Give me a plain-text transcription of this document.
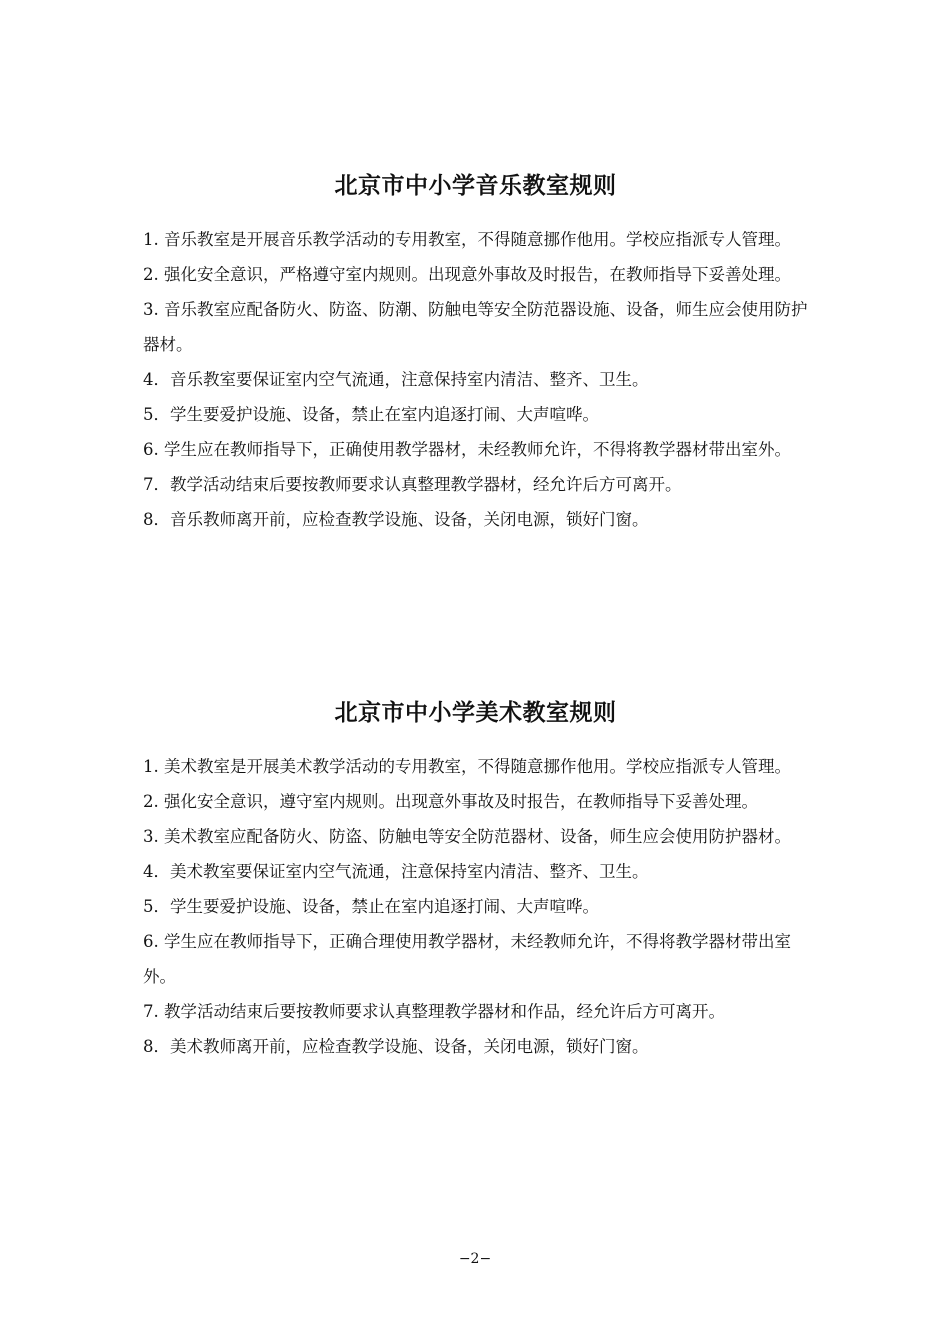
北京市中小学音乐教室规则
1. 音乐教室是开展音乐教学活动的专用教室，不得随意挪作他用。学校应指派专人管理。
2. 强化安全意识，严格遵守室内规则。出现意外事故及时报告，在教师指导下妥善处理。
3. 音乐教室应配备防火、防盗、防潮、防触电等安全防范器设施、设备，师生应会使用防护器材。
4．音乐教室要保证室内空气流通，注意保持室内清洁、整齐、卫生。
5．学生要爱护设施、设备，禁止在室内追逐打闹、大声喧哗。
6. 学生应在教师指导下，正确使用教学器材，未经教师允许，不得将教学器材带出室外。
7．教学活动结束后要按教师要求认真整理教学器材，经允许后方可离开。
8．音乐教师离开前，应检查教学设施、设备，关闭电源，锁好门窗。
北京市中小学美术教室规则
1. 美术教室是开展美术教学活动的专用教室，不得随意挪作他用。学校应指派专人管理。
2. 强化安全意识，遵守室内规则。出现意外事故及时报告，在教师指导下妥善处理。
3. 美术教室应配备防火、防盗、防触电等安全防范器材、设备，师生应会使用防护器材。
4．美术教室要保证室内空气流通，注意保持室内清洁、整齐、卫生。
5．学生要爱护设施、设备，禁止在室内追逐打闹、大声喧哗。
6. 学生应在教师指导下，正确合理使用教学器材，未经教师允许，不得将教学器材带出室外。
7. 教学活动结束后要按教师要求认真整理教学器材和作品，经允许后方可离开。
8．美术教师离开前，应检查教学设施、设备，关闭电源，锁好门窗。
−2−
